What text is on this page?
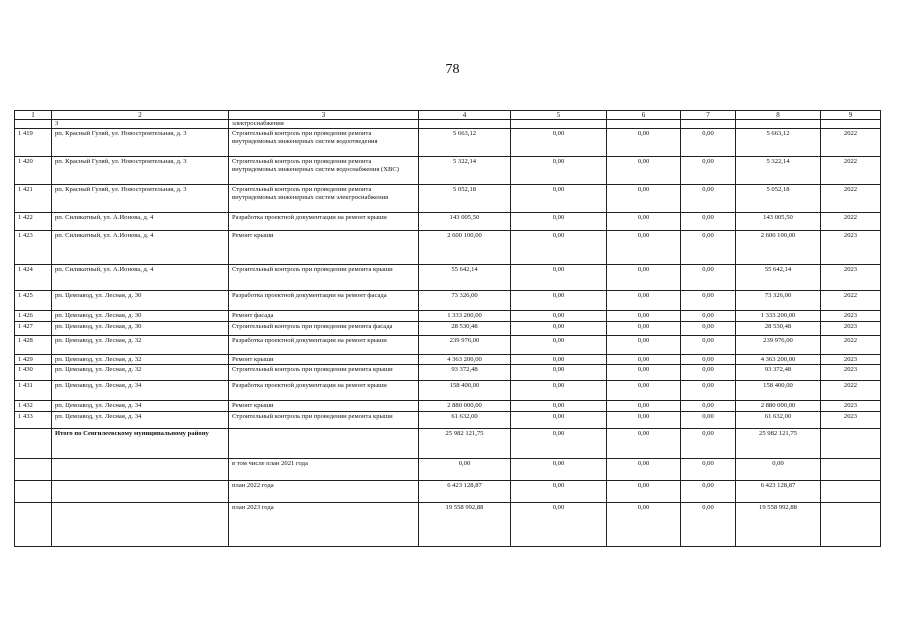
78
1	2	3	4	5	6	7	8	9
	3	электроснабжения						
1 419	рп. Красный Гуляй, ул. Новостроительная, д. 3	Строительный контроль при проведении ремонта внутридомовых инженерных систем водоотведения	5 663,12	0,00	0,00	0,00	5 663,12	2022
1 420	рп. Красный Гуляй, ул. Новостроительная, д. 3	Строительный контроль при проведении ремонта внутридомовых инженерных систем водоснабжения (ХВС)	5 322,14	0,00	0,00	0,00	5 322,14	2022
1 421	рп. Красный Гуляй, ул. Новостроительная, д. 3	Строительный контроль при проведении ремонта внутридомовых инженерных систем электроснабжения	5 052,18	0,00	0,00	0,00	5 052,18	2022
1 422	рп. Силикатный, ул. А.Ионова, д. 4	Разработка проектной документации на ремонт крыши	143 005,50	0,00	0,00	0,00	143 005,50	2022
1 423	рп. Силикатный, ул. А.Ионова, д. 4	Ремонт крыши	2 600 100,00	0,00	0,00	0,00	2 600 100,00	2023
1 424	рп. Силикатный, ул. А.Ионова, д. 4	Строительный контроль при проведении ремонта крыши	55 642,14	0,00	0,00	0,00	55 642,14	2023
1 425	рп. Цемзавод, ул. Лесная, д. 30	Разработка проектной документации на ремонт фасада	73 326,00	0,00	0,00	0,00	73 326,00	2022
1 426	рп. Цемзавод, ул. Лесная, д. 30	Ремонт фасада	1 333 200,00	0,00	0,00	0,00	1 333 200,00	2023
1 427	рп. Цемзавод, ул. Лесная, д. 30	Строительный контроль при проведении ремонта фасада	28 530,48	0,00	0,00	0,00	28 530,48	2023
1 428	рп. Цемзавод, ул. Лесная, д. 32	Разработка проектной документации на ремонт крыши	239 976,00	0,00	0,00	0,00	239 976,00	2022
1 429	рп. Цемзавод, ул. Лесная, д. 32	Ремонт крыши	4 363 200,00	0,00	0,00	0,00	4 363 200,00	2023
1 430	рп. Цемзавод, ул. Лесная, д. 32	Строительный контроль при проведении ремонта крыши	93 372,48	0,00	0,00	0,00	93 372,48	2023
1 431	рп. Цемзавод, ул. Лесная, д. 34	Разработка проектной документации на ремонт крыши	158 400,00	0,00	0,00	0,00	158 400,00	2022
1 432	рп. Цемзавод, ул. Лесная, д. 34	Ремонт крыши	2 880 000,00	0,00	0,00	0,00	2 880 000,00	2023
1 433	рп. Цемзавод, ул. Лесная, д. 34	Строительный контроль при проведении ремонта крыши	61 632,00	0,00	0,00	0,00	61 632,00	2023
	Итого по Сенгилеевскому муниципальному району		25 982 121,75	0,00	0,00	0,00	25 982 121,75	
		в том числе план 2021 года	0,00	0,00	0,00	0,00	0,00	
		план 2022 года	6 423 128,87	0,00	0,00	0,00	6 423 128,87	
		план 2023 года	19 558 992,88	0,00	0,00	0,00	19 558 992,88	
